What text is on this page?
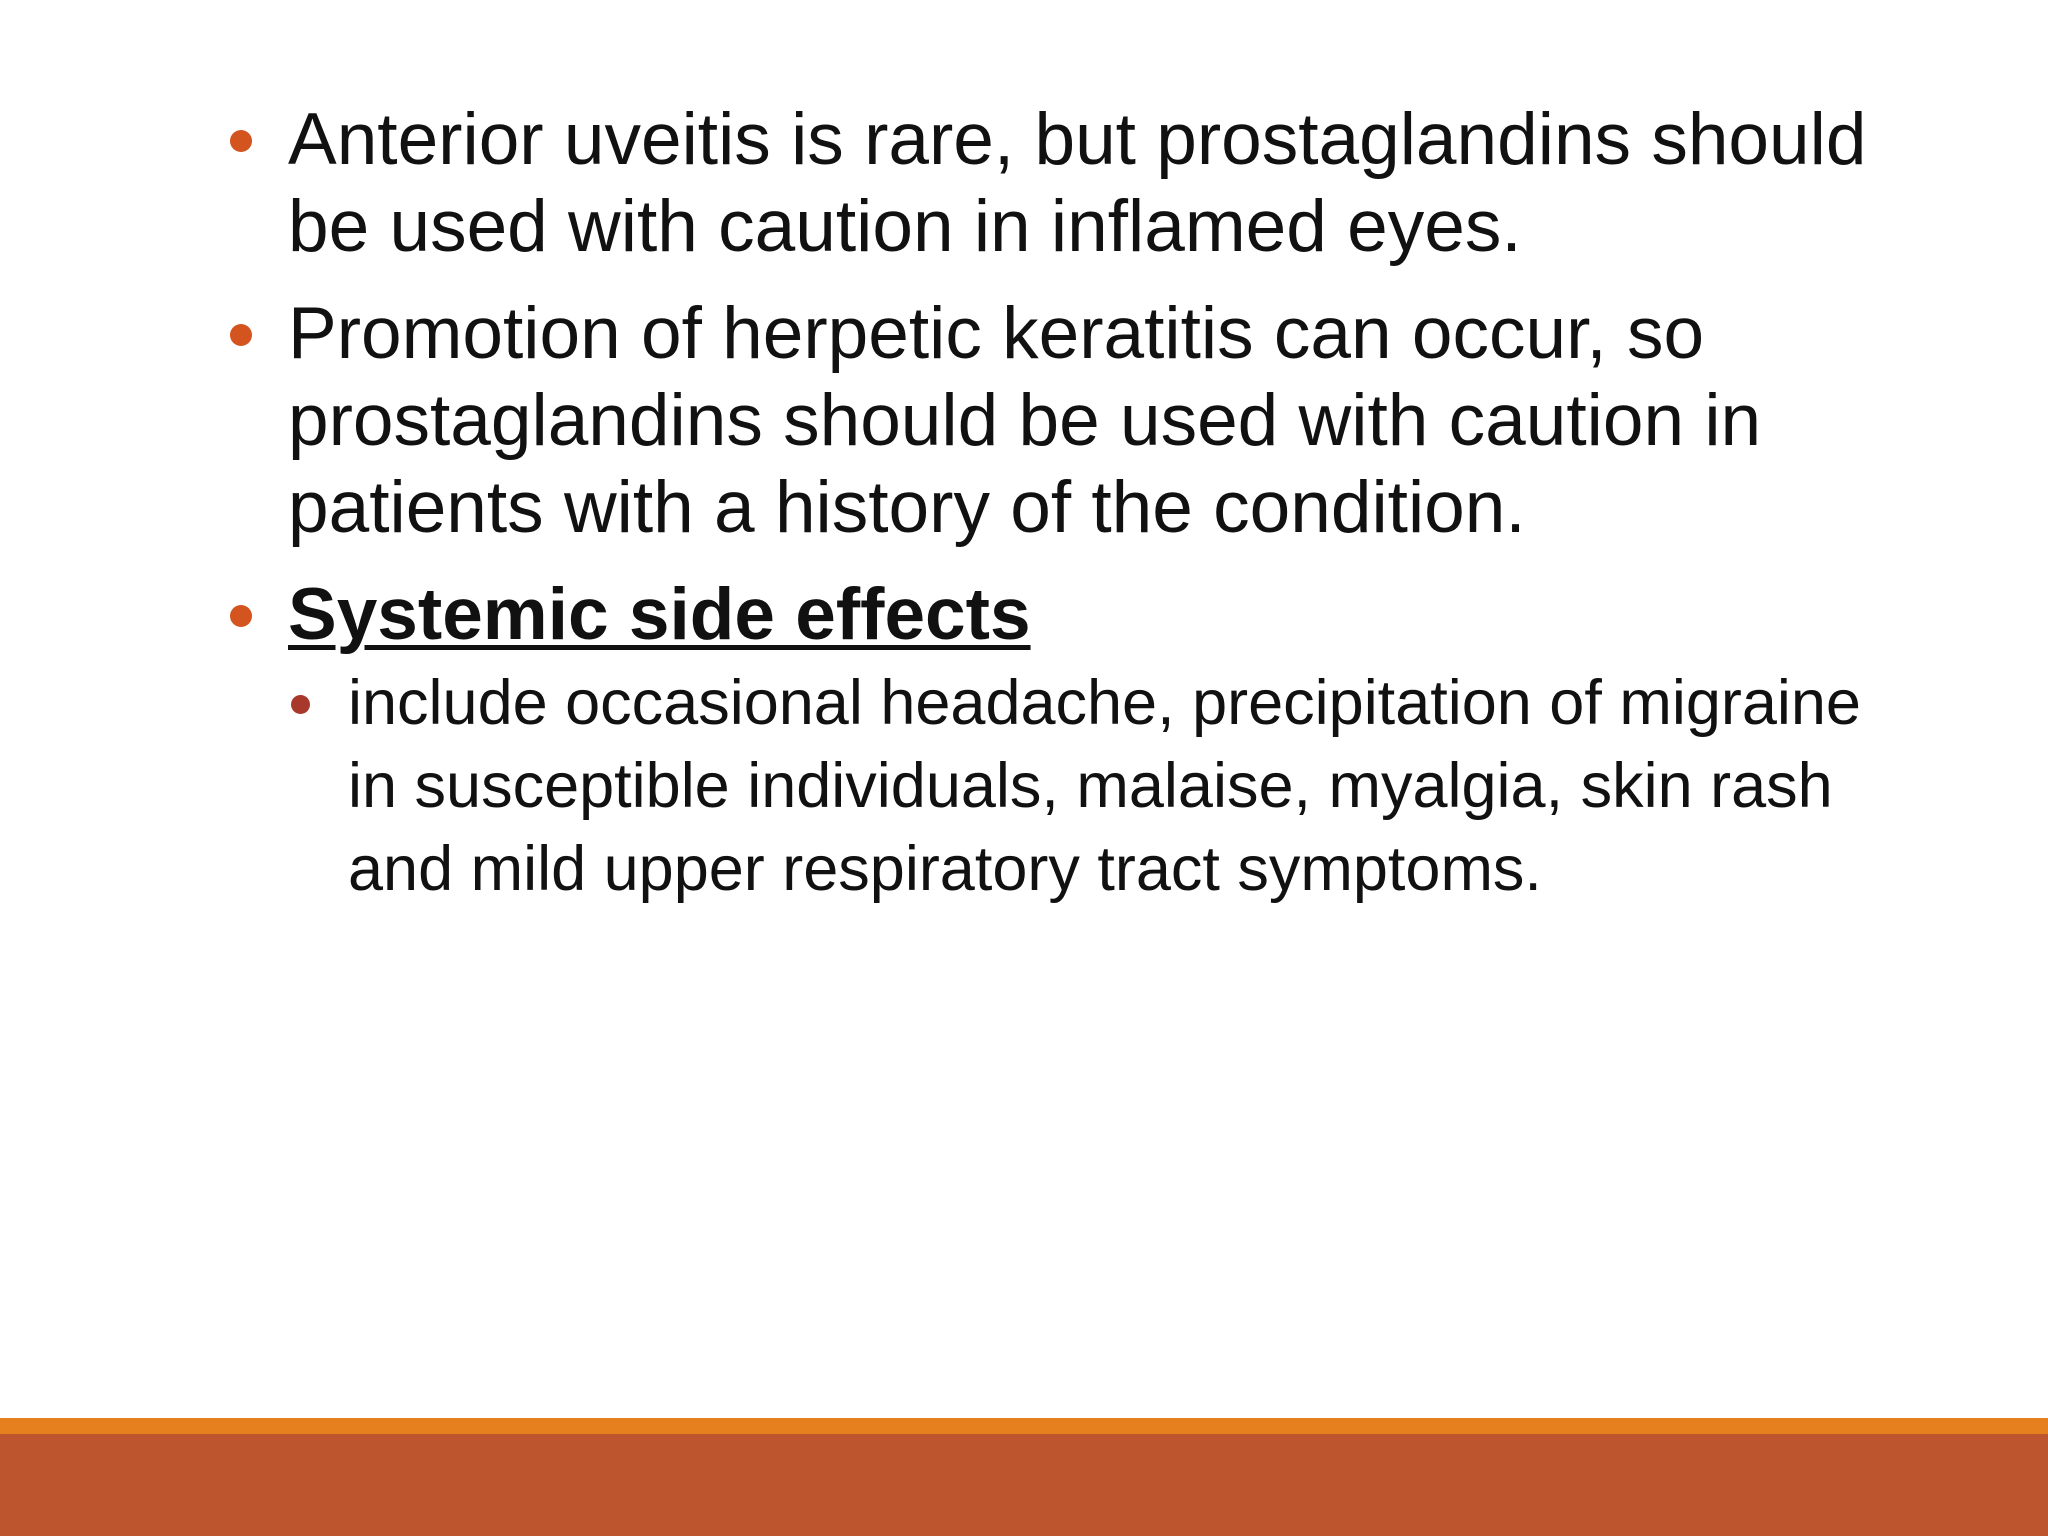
Anterior uveitis is rare, but prostaglandins should be used with caution in inflamed eyes.
Promotion of herpetic keratitis can occur, so prostaglandins should be used with caution in patients with a history of the condition.
Systemic side effects
include occasional headache, precipitation of migraine in susceptible individuals, malaise, myalgia, skin rash and mild upper respiratory tract symptoms.
